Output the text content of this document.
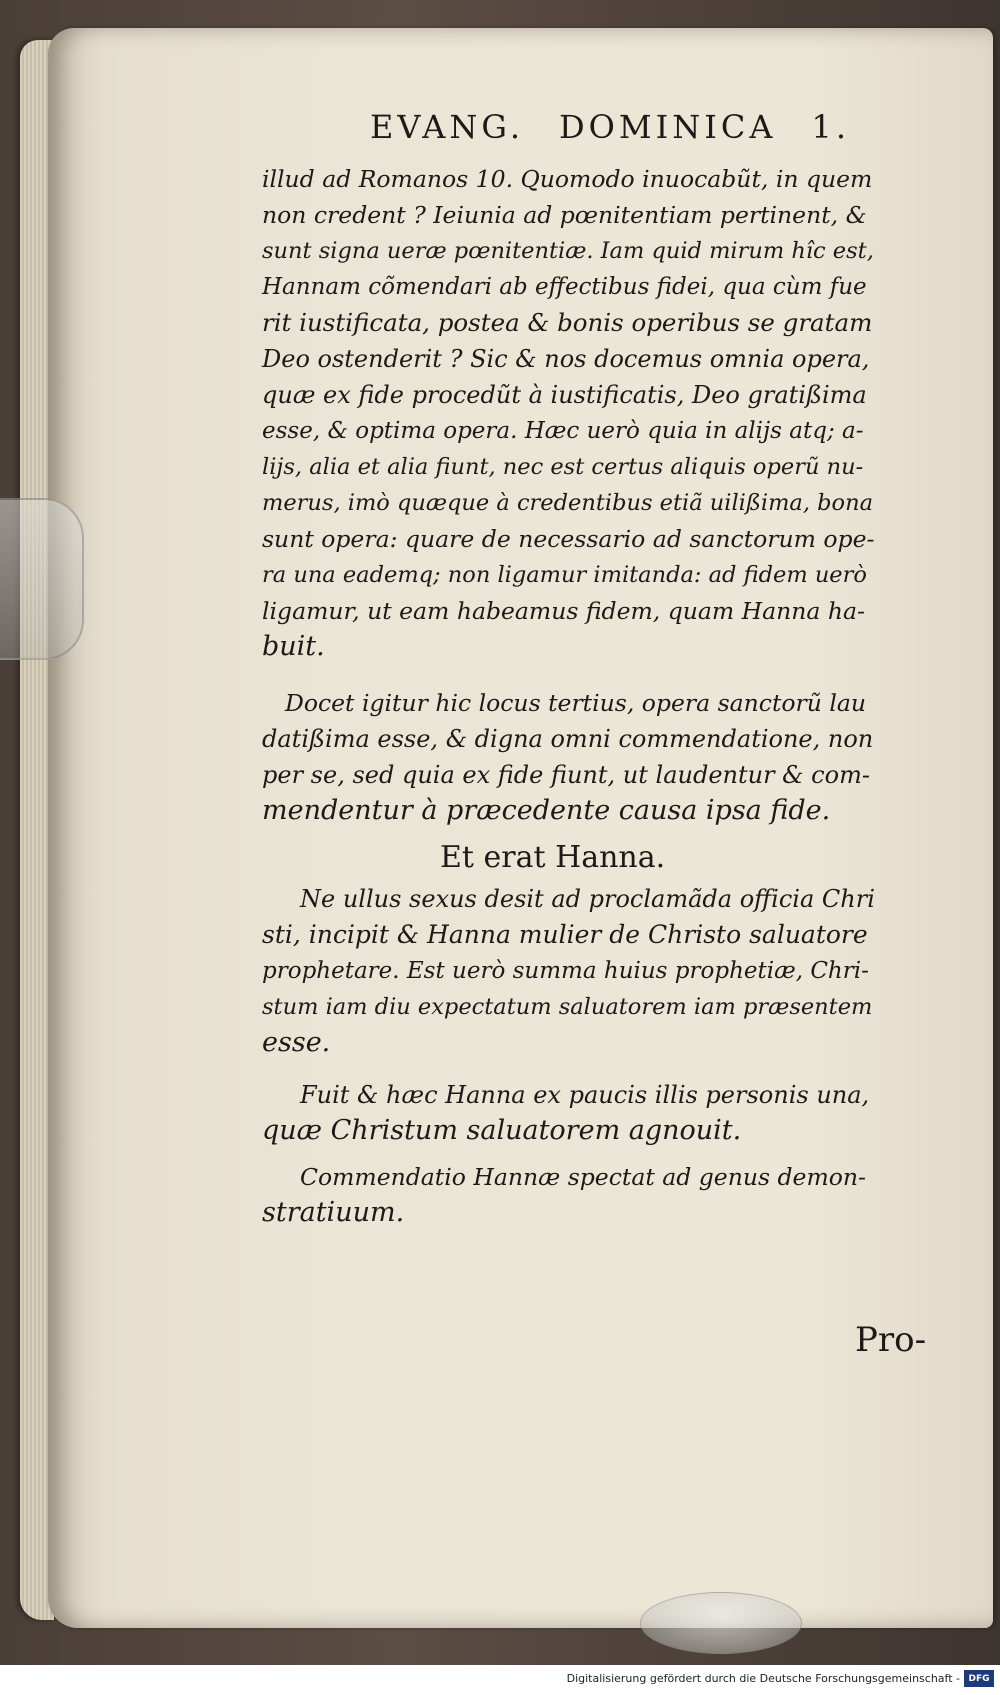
EVANG. DOMINICA 1.
illud ad Romanos 10. Quomodo inuocabũt, in quem
non credent ? Ieiunia ad pœnitentiam pertinent, &
sunt signa ueræ pœnitentiæ. Iam quid mirum hîc est,
Hannam cõmendari ab effectibus fidei, qua cùm fue
rit iustificata, postea & bonis operibus se gratam
Deo ostenderit ? Sic & nos docemus omnia opera,
quæ ex fide procedũt à iustificatis, Deo gratißima
esse, & optima opera. Hæc uerò quia in alijs atq; a-
lijs, alia et alia fiunt, nec est certus aliquis operũ nu-
merus, imò quæque à credentibus etiã uilißima, bona
sunt opera: quare de necessario ad sanctorum ope-
ra una eademq; non ligamur imitanda: ad fidem uerò
ligamur, ut eam habeamus fidem, quam Hanna ha-
buit.
Docet igitur hic locus tertius, opera sanctorũ lau
datißima esse, & digna omni commendatione, non
per se, sed quia ex fide fiunt, ut laudentur & com-
mendentur à præcedente causa ipsa fide.
Et erat Hanna.
Ne ullus sexus desit ad proclamãda officia Chri
sti, incipit & Hanna mulier de Christo saluatore
prophetare. Est uerò summa huius prophetiæ, Chri-
stum iam diu expectatum saluatorem iam præsentem
esse.
Fuit & hæc Hanna ex paucis illis personis una,
quæ Christum saluatorem agnouit.
Commendatio Hannæ spectat ad genus demon-
stratiuum.
Pro-
Digitalisierung gefördert durch die Deutsche Forschungsgemeinschaft - DFG
